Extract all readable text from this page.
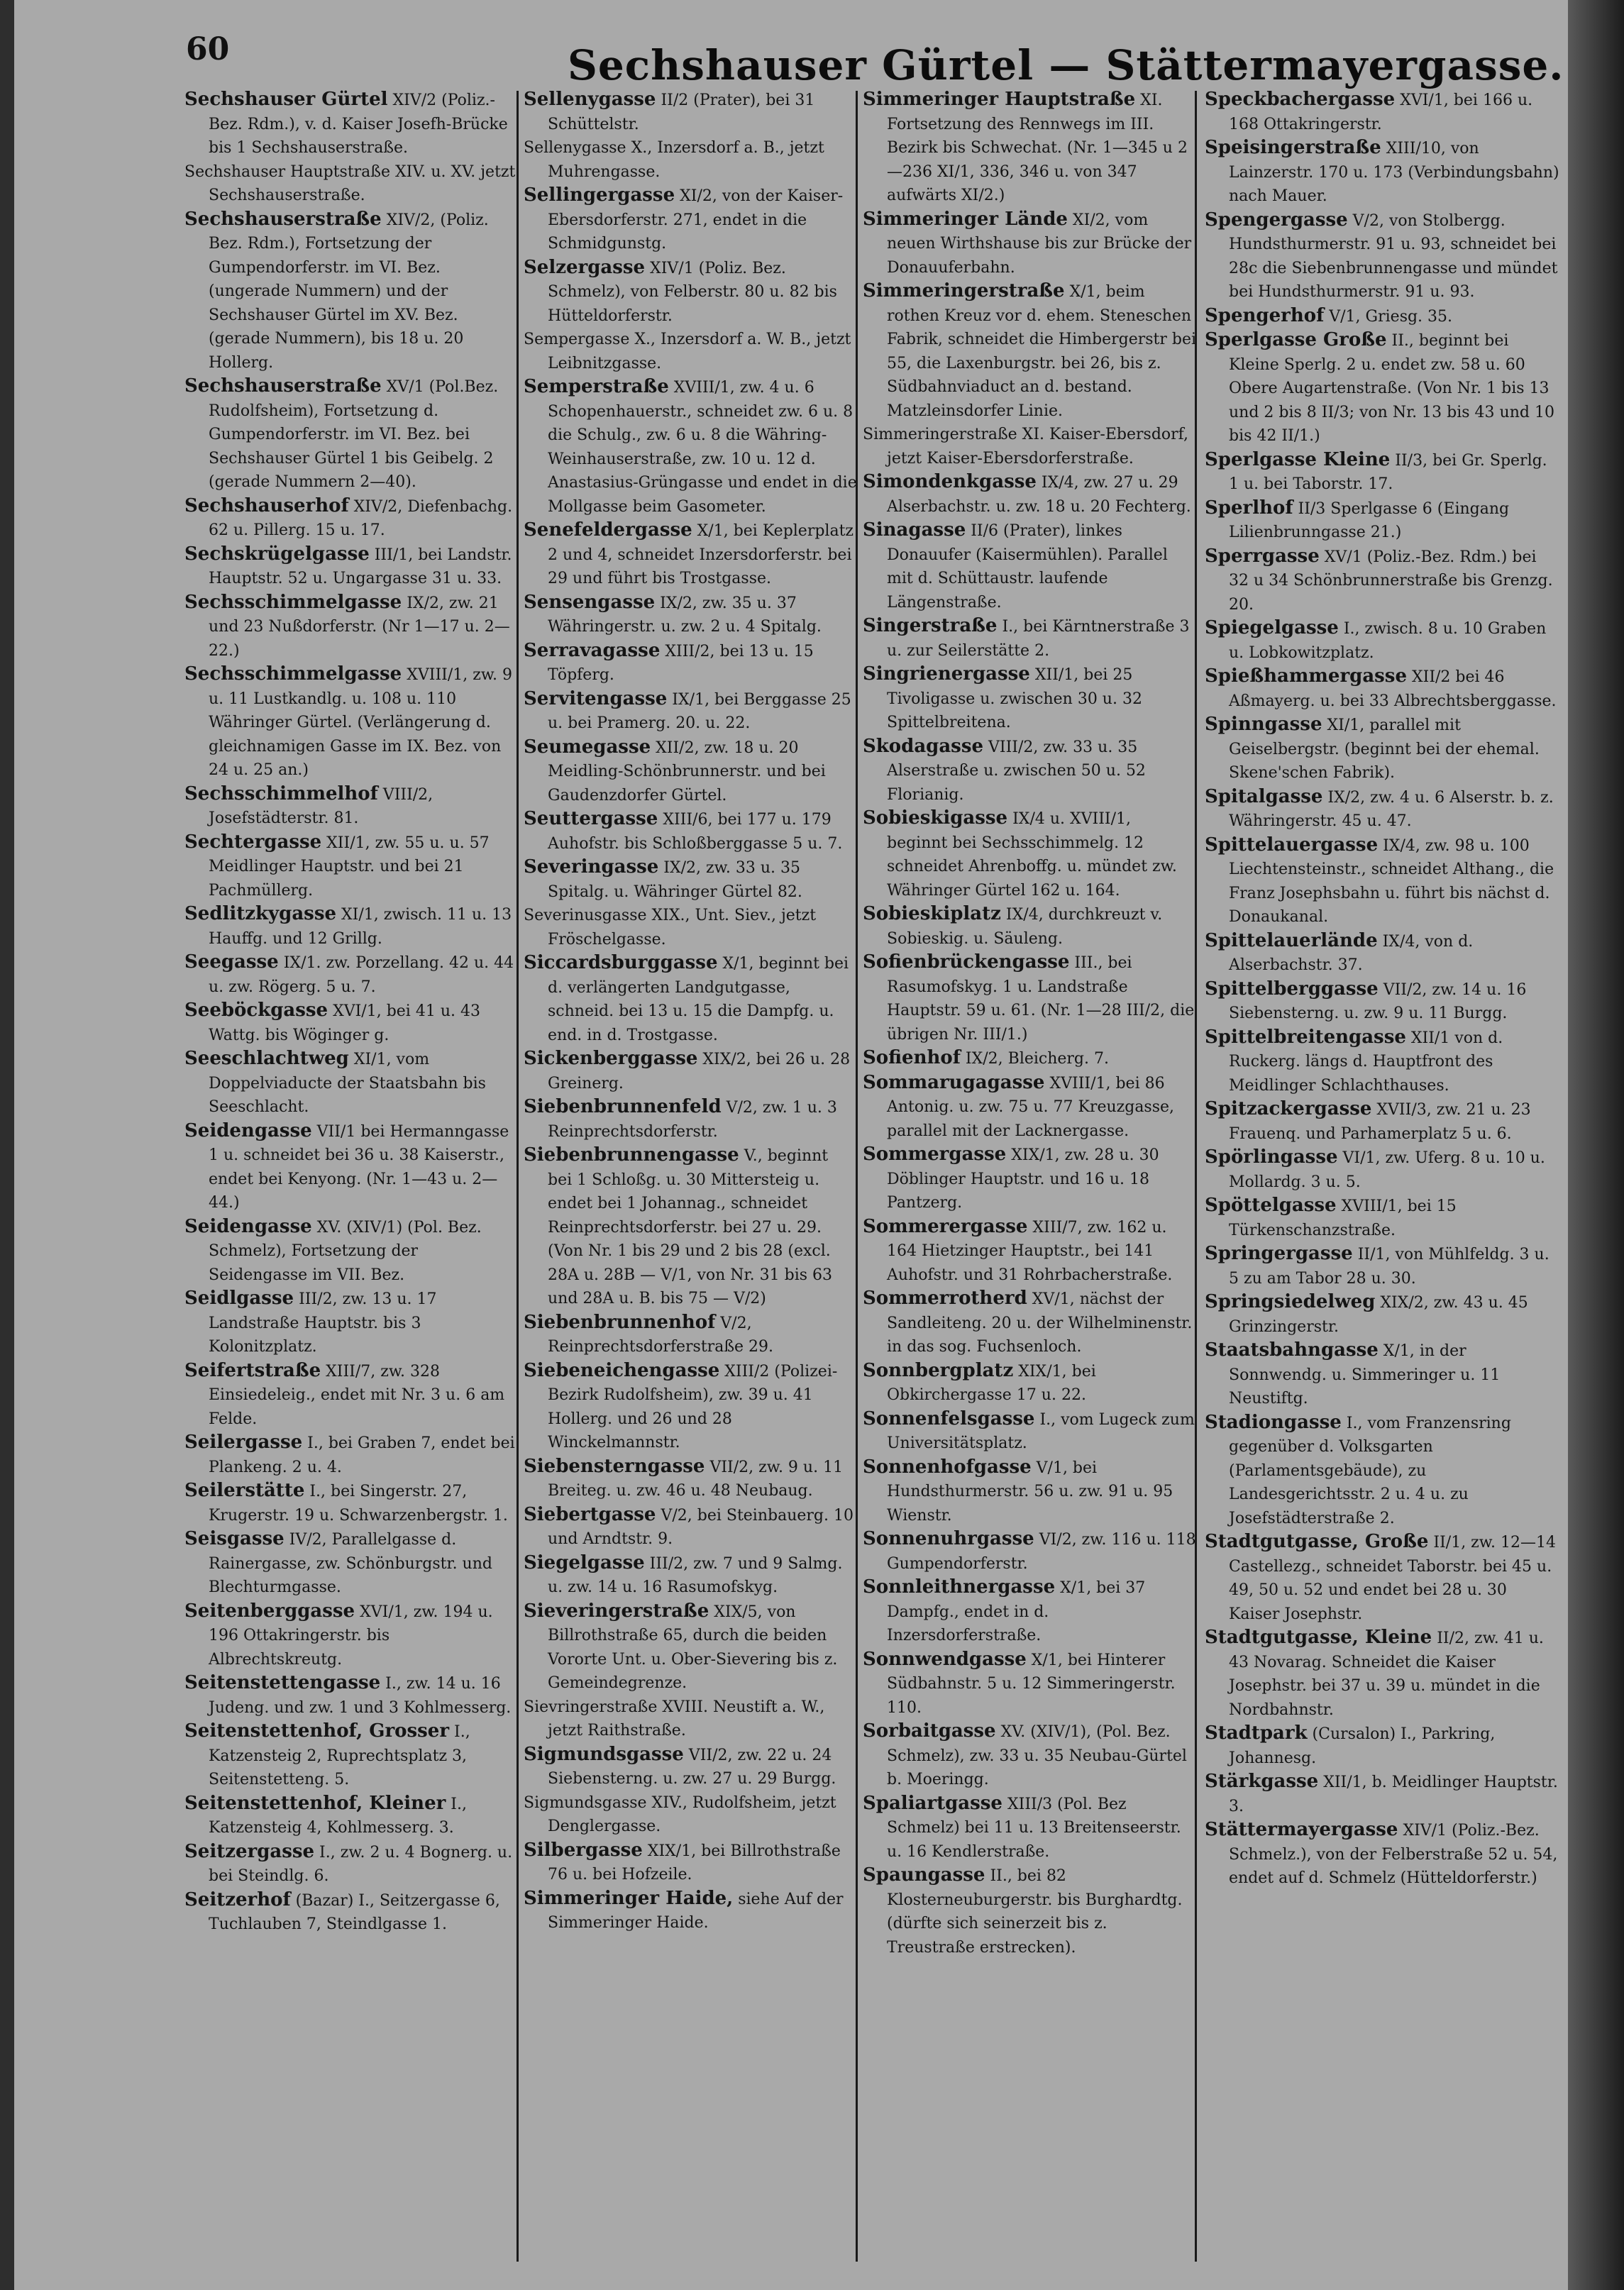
60	Sechshauser Gürtel — Stättermayergasse.

Sechshauser Gürtel XIV/2 (Poliz.-Bez. Rdm.), v. d. Kaiser Josefh-Brücke bis 1 Sechshauserstraße.

Sechshauser Hauptstraße XIV. u. XV. jetzt Sechshauserstraße.

Sechshauserstraße XIV/2, (Poliz. Bez. Rdm.), Fortsetzung der Gumpendorferstr. im VI. Bez. (ungerade Nummern) und der Sechshauser Gürtel im XV. Bez. (gerade Nummern), bis 18 u. 20 Hollerg.

Sechshauserstraße XV/1 (Pol.Bez. Rudolfsheim), Fortsetzung d. Gumpendorferstr. im VI. Bez. bei Sechshauser Gürtel 1 bis Geibelg. 2 (gerade Nummern 2—40).

Sechshauserhof XIV/2, Diefenbachg. 62 u. Pillerg. 15 u. 17.

Sechskrügelgasse III/1, bei Landstr. Hauptstr. 52 u. Ungargasse 31 u. 33.

Sechsschimmelgasse IX/2, zw. 21 und 23 Nußdorferstr. (Nr 1—17 u. 2—22.)

Sechsschimmelgasse XVIII/1, zw. 9 u. 11 Lustkandlg. u. 108 u. 110 Währinger Gürtel. (Verlängerung d. gleichnamigen Gasse im IX. Bez. von 24 u. 25 an.)

Sechsschimmelhof VIII/2, Josefstädterstr. 81.

Sechtergasse XII/1, zw. 55 u. u. 57 Meidlinger Hauptstr. und bei 21 Pachmüllerg.

Sedlitzkygasse XI/1, zwisch. 11 u. 13 Hauffg. und 12 Grillg.

Seegasse IX/1. zw. Porzellang. 42 u. 44 u. zw. Rögerg. 5 u. 7.

Seeböckgasse XVI/1, bei 41 u. 43 Wattg. bis Wöginger g.

Seeschlachtweg XI/1, vom Doppelviaducte der Staatsbahn bis Seeschlacht.

Seidengasse VII/1 bei Hermanngasse 1 u. schneidet bei 36 u. 38 Kaiserstr., endet bei Kenyong. (Nr. 1—43 u. 2—44.)

Seidengasse XV. (XIV/1) (Pol. Bez. Schmelz), Fortsetzung der Seidengasse im VII. Bez.

Seidlgasse III/2, zw. 13 u. 17 Landstraße Hauptstr. bis 3 Kolonitzplatz.

Seifertstraße XIII/7, zw. 328 Einsiedeleig., endet mit Nr. 3 u. 6 am Felde.

Seilergasse I., bei Graben 7, endet bei Plankeng. 2 u. 4.

Seilerstätte I., bei Singerstr. 27, Krugerstr. 19 u. Schwarzenbergstr. 1.

Seisgasse IV/2, Parallelgasse d. Rainergasse, zw. Schönburgstr. und Blechturmgasse.

Seitenberggasse XVI/1, zw. 194 u. 196 Ottakringerstr. bis Albrechtskreutg.

Seitenstettengasse I., zw. 14 u. 16 Judeng. und zw. 1 und 3 Kohlmesserg.

Seitenstettenhof, Grosser I., Katzensteig 2, Ruprechtsplatz 3, Seitenstetteng. 5.

Seitenstettenhof, Kleiner I., Katzensteig 4, Kohlmesserg. 3.

Seitzergasse I., zw. 2 u. 4 Bognerg. u. bei Steindlg. 6.

Seitzerhof (Bazar) I., Seitzergasse 6, Tuchlauben 7, Steindlgasse 1.

Sellenygasse II/2 (Prater), bei 31 Schüttelstr.

Sellenygasse X., Inzersdorf a. B., jetzt Muhrengasse.

Sellingergasse XI/2, von der Kaiser-Ebersdorferstr. 271, endet in die Schmidgunstg.

Selzergasse XIV/1 (Poliz. Bez. Schmelz), von Felberstr. 80 u. 82 bis Hütteldorferstr.

Sempergasse X., Inzersdorf a. W. B., jetzt Leibnitzgasse.

Semperstraße XVIII/1, zw. 4 u. 6 Schopenhauerstr., schneidet zw. 6 u. 8 die Schulg., zw. 6 u. 8 die Währing-Weinhauserstraße, zw. 10 u. 12 d. Anastasius-Grüngasse und endet in die Mollgasse beim Gasometer.

Senefeldergasse X/1, bei Keplerplatz 2 und 4, schneidet Inzersdorferstr. bei 29 und führt bis Trostgasse.

Sensengasse IX/2, zw. 35 u. 37 Währingerstr. u. zw. 2 u. 4 Spitalg.

Serravagasse XIII/2, bei 13 u. 15 Töpferg.

Servitengasse IX/1, bei Berggasse 25 u. bei Pramerg. 20. u. 22.

Seumegasse XII/2, zw. 18 u. 20 Meidling-Schönbrunnerstr. und bei Gaudenzdorfer Gürtel.

Seuttergasse XIII/6, bei 177 u. 179 Auhofstr. bis Schloßberggasse 5 u. 7.

Severingasse IX/2, zw. 33 u. 35 Spitalg. u. Währinger Gürtel 82.

Severinusgasse XIX., Unt. Siev., jetzt Fröschelgasse.

Siccardsburggasse X/1, beginnt bei d. verlängerten Landgutgasse, schneid. bei 13 u. 15 die Dampfg. u. end. in d. Trostgasse.

Sickenberggasse XIX/2, bei 26 u. 28 Greinerg.

Siebenbrunnenfeld V/2, zw. 1 u. 3 Reinprechtsdorferstr.

Siebenbrunnengasse V., beginnt bei 1 Schloßg. u. 30 Mittersteig u. endet bei 1 Johannag., schneidet Reinprechtsdorferstr. bei 27 u. 29. (Von Nr. 1 bis 29 und 2 bis 28 (excl. 28A u. 28B — V/1, von Nr. 31 bis 63 und 28A u. B. bis 75 — V/2)

Siebenbrunnenhof V/2, Reinprechtsdorferstraße 29.

Siebeneichengasse XIII/2 (Polizei-Bezirk Rudolfsheim), zw. 39 u. 41 Hollerg. und 26 und 28 Winckelmannstr.

Siebensterngasse VII/2, zw. 9 u. 11 Breiteg. u. zw. 46 u. 48 Neubaug.

Siebertgasse V/2, bei Steinbauerg. 10 und Arndtstr. 9.

Siegelgasse III/2, zw. 7 und 9 Salmg. u. zw. 14 u. 16 Rasumofskyg.

Sieveringerstraße XIX/5, von Billrothstraße 65, durch die beiden Vororte Unt. u. Ober-Sievering bis z. Gemeindegrenze.

Sievringerstraße XVIII. Neustift a. W., jetzt Raithstraße.

Sigmundsgasse VII/2, zw. 22 u. 24 Siebensterng. u. zw. 27 u. 29 Burgg.

Sigmundsgasse XIV., Rudolfsheim, jetzt Denglergasse.

Silbergasse XIX/1, bei Billrothstraße 76 u. bei Hofzeile.

Simmeringer Haide, siehe Auf der Simmeringer Haide.

Simmeringer Hauptstraße XI. Fortsetzung des Rennwegs im III. Bezirk bis Schwechat. (Nr. 1—345 u 2—236 XI/1, 336, 346 u. von 347 aufwärts XI/2.)

Simmeringer Lände XI/2, vom neuen Wirthshause bis zur Brücke der Donauuferbahn.

Simmeringerstraße X/1, beim rothen Kreuz vor d. ehem. Steneschen Fabrik, schneidet die Himbergerstr bei 55, die Laxenburgstr. bei 26, bis z. Südbahnviaduct an d. bestand. Matzleinsdorfer Linie.

Simmeringerstraße XI. Kaiser-Ebersdorf, jetzt Kaiser-Ebersdorferstraße.

Simondenkgasse IX/4, zw. 27 u. 29 Alserbachstr. u. zw. 18 u. 20 Fechterg.

Sinagasse II/6 (Prater), linkes Donauufer (Kaisermühlen). Parallel mit d. Schüttaustr. laufende Längenstraße.

Singerstraße I., bei Kärntnerstraße 3 u. zur Seilerstätte 2.

Singrienergasse XII/1, bei 25 Tivoligasse u. zwischen 30 u. 32 Spittelbreitena.

Skodagasse VIII/2, zw. 33 u. 35 Alserstraße u. zwischen 50 u. 52 Florianig.

Sobieskigasse IX/4 u. XVIII/1, beginnt bei Sechsschimmelg. 12 schneidet Ahrenboffg. u. mündet zw. Währinger Gürtel 162 u. 164.

Sobieskiplatz IX/4, durchkreuzt v. Sobieskig. u. Säuleng.

Sofienbrückengasse III., bei Rasumofskyg. 1 u. Landstraße Hauptstr. 59 u. 61. (Nr. 1—28 III/2, die übrigen Nr. III/1.)

Sofienhof IX/2, Bleicherg. 7.

Sommarugagasse XVIII/1, bei 86 Antonig. u. zw. 75 u. 77 Kreuzgasse, parallel mit der Lacknergasse.

Sommergasse XIX/1, zw. 28 u. 30 Döblinger Hauptstr. und 16 u. 18 Pantzerg.

Sommerergasse XIII/7, zw. 162 u. 164 Hietzinger Hauptstr., bei 141 Auhofstr. und 31 Rohrbacherstraße.

Sommerrotherd XV/1, nächst der Sandleiteng. 20 u. der Wilhelminenstr. in das sog. Fuchsenloch.

Sonnbergplatz XIX/1, bei Obkirchergasse 17 u. 22.

Sonnenfelsgasse I., vom Lugeck zum Universitätsplatz.

Sonnenhofgasse V/1, bei Hundsthurmerstr. 56 u. zw. 91 u. 95 Wienstr.

Sonnenuhrgasse VI/2, zw. 116 u. 118 Gumpendorferstr.

Sonnleithnergasse X/1, bei 37 Dampfg., endet in d. Inzersdorferstraße.

Sonnwendgasse X/1, bei Hinterer Südbahnstr. 5 u. 12 Simmeringerstr. 110.

Sorbaitgasse XV. (XIV/1), (Pol. Bez. Schmelz), zw. 33 u. 35 Neubau-Gürtel b. Moeringg.

Spaliartgasse XIII/3 (Pol. Bez Schmelz) bei 11 u. 13 Breitenseerstr. u. 16 Kendlerstraße.

Spaungasse II., bei 82 Klosterneuburgerstr. bis Burghardtg. (dürfte sich seinerzeit bis z. Treustraße erstrecken).

Speckbachergasse XVI/1, bei 166 u. 168 Ottakringerstr.

Speisingerstraße XIII/10, von Lainzerstr. 170 u. 173 (Verbindungsbahn) nach Mauer.

Spengergasse V/2, von Stolbergg. Hundsthurmerstr. 91 u. 93, schneidet bei 28c die Siebenbrunnengasse und mündet bei Hundsthurmerstr. 91 u. 93.

Spengerhof V/1, Griesg. 35.

Sperlgasse Große II., beginnt bei Kleine Sperlg. 2 u. endet zw. 58 u. 60 Obere Augartenstraße. (Von Nr. 1 bis 13 und 2 bis 8 II/3; von Nr. 13 bis 43 und 10 bis 42 II/1.)

Sperlgasse Kleine II/3, bei Gr. Sperlg. 1 u. bei Taborstr. 17.

Sperlhof II/3 Sperlgasse 6 (Eingang Lilienbrunngasse 21.)

Sperrgasse XV/1 (Poliz.-Bez. Rdm.) bei 32 u 34 Schönbrunnerstraße bis Grenzg. 20.

Spiegelgasse I., zwisch. 8 u. 10 Graben u. Lobkowitzplatz.

Spießhammergasse XII/2 bei 46 Aßmayerg. u. bei 33 Albrechtsberggasse.

Spinngasse XI/1, parallel mit Geiselbergstr. (beginnt bei der ehemal. Skene'schen Fabrik).

Spitalgasse IX/2, zw. 4 u. 6 Alserstr. b. z. Währingerstr. 45 u. 47.

Spittelauergasse IX/4, zw. 98 u. 100 Liechtensteinstr., schneidet Althang., die Franz Josephsbahn u. führt bis nächst d. Donaukanal.

Spittelauerlände IX/4, von d. Alserbachstr. 37.

Spittelberggasse VII/2, zw. 14 u. 16 Siebensterng. u. zw. 9 u. 11 Burgg.

Spittelbreitengasse XII/1 von d. Ruckerg. längs d. Hauptfront des Meidlinger Schlachthauses.

Spitzackergasse XVII/3, zw. 21 u. 23 Frauenq. und Parhamerplatz 5 u. 6.

Spörlingasse VI/1, zw. Uferg. 8 u. 10 u. Mollardg. 3 u. 5.

Spöttelgasse XVIII/1, bei 15 Türkenschanzstraße.

Springergasse II/1, von Mühlfeldg. 3 u. 5 zu am Tabor 28 u. 30.

Springsiedelweg XIX/2, zw. 43 u. 45 Grinzingerstr.

Staatsbahngasse X/1, in der Sonnwendg. u. Simmeringer u. 11 Neustiftg.

Stadiongasse I., vom Franzensring gegenüber d. Volksgarten (Parlamentsgebäude), zu Landesgerichtsstr. 2 u. 4 u. zu Josefstädterstraße 2.

Stadtgutgasse, Große II/1, zw. 12—14 Castellezg., schneidet Taborstr. bei 45 u. 49, 50 u. 52 und endet bei 28 u. 30 Kaiser Josephstr.

Stadtgutgasse, Kleine II/2, zw. 41 u. 43 Novarag. Schneidet die Kaiser Josephstr. bei 37 u. 39 u. mündet in die Nordbahnstr.

Stadtpark (Cursalon) I., Parkring, Johannesg.

Stärkgasse XII/1, b. Meidlinger Hauptstr. 3.

Stättermayergasse XIV/1 (Poliz.-Bez. Schmelz.), von der Felberstraße 52 u. 54, endet auf d. Schmelz (Hütteldorferstr.)
